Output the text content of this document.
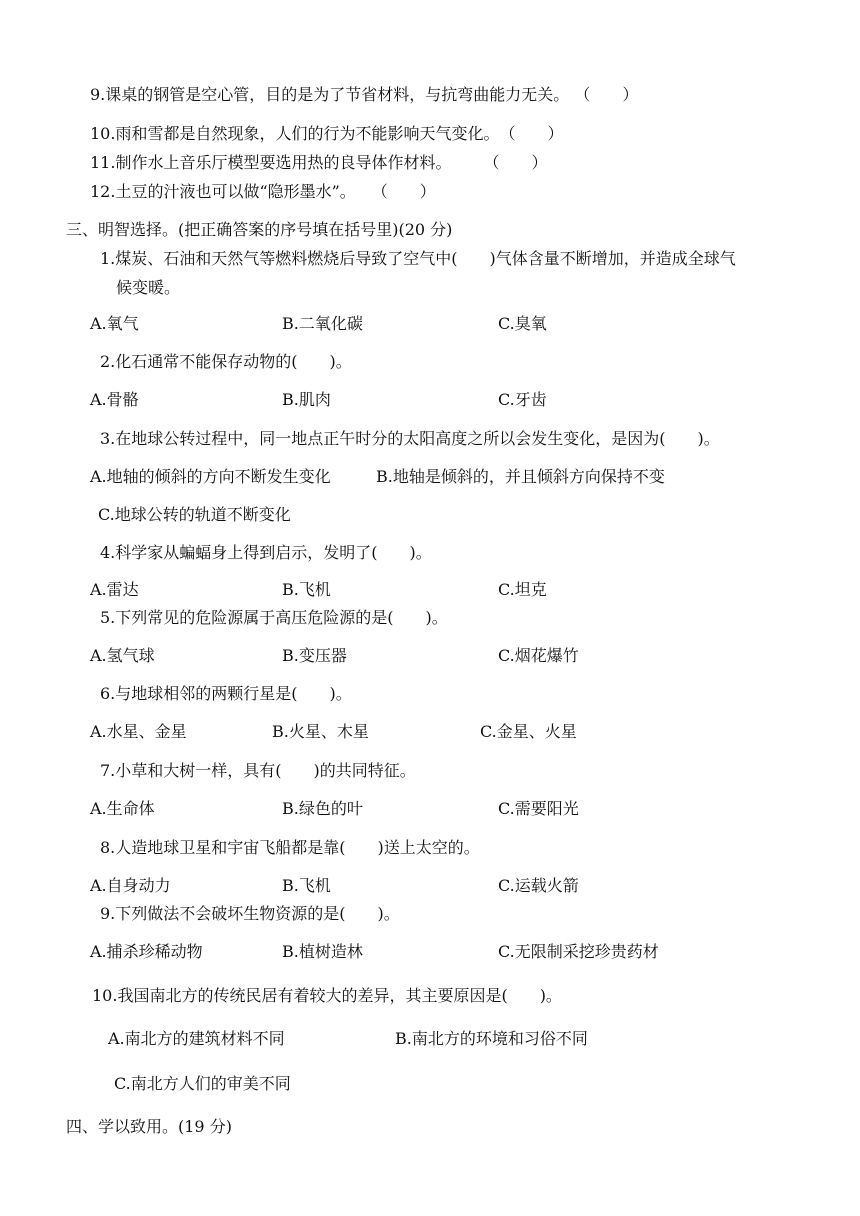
9.课桌的钢管是空心管，目的是为了节省材料，与抗弯曲能力无关。 （　　）
10.雨和雪都是自然现象，人们的行为不能影响天气变化。　（　　）
11.制作水上音乐厅模型要选用热的良导体作材料。　　　（　　）
12.土豆的汁液也可以做“隐形墨水”。　　（　　）
三、明智选择。(把正确答案的序号填在括号里)(20 分)
1.煤炭、石油和天然气等燃料燃烧后导致了空气中(　　)气体含量不断增加，并造成全球气
候变暖。
A.氧气	B.二氧化碳	C.臭氧
2.化石通常不能保存动物的(　　)。
A.骨骼	B.肌肉	C.牙齿
3.在地球公转过程中，同一地点正午时分的太阳高度之所以会发生变化，是因为(　　)。
A.地轴的倾斜的方向不断发生变化	B.地轴是倾斜的，并且倾斜方向保持不变
C.地球公转的轨道不断变化
4.科学家从蝙蝠身上得到启示，发明了(　　)。
A.雷达	B.飞机	C.坦克
5.下列常见的危险源属于高压危险源的是(　　)。
A.氢气球	B.变压器	C.烟花爆竹
6.与地球相邻的两颗行星是(　　)。
A.水星、金星	B.火星、木星	C.金星、火星
7.小草和大树一样，具有(　　)的共同特征。
A.生命体	B.绿色的叶	C.需要阳光
8.人造地球卫星和宇宙飞船都是靠(　　)送上太空的。
A.自身动力	B.飞机	C.运载火箭
9.下列做法不会破坏生物资源的是(　　)。
A.捕杀珍稀动物	B.植树造林	C.无限制采挖珍贵药材
10.我国南北方的传统民居有着较大的差异，其主要原因是(　　)。
A.南北方的建筑材料不同	B.南北方的环境和习俗不同
C.南北方人们的审美不同
四、学以致用。(19 分)
